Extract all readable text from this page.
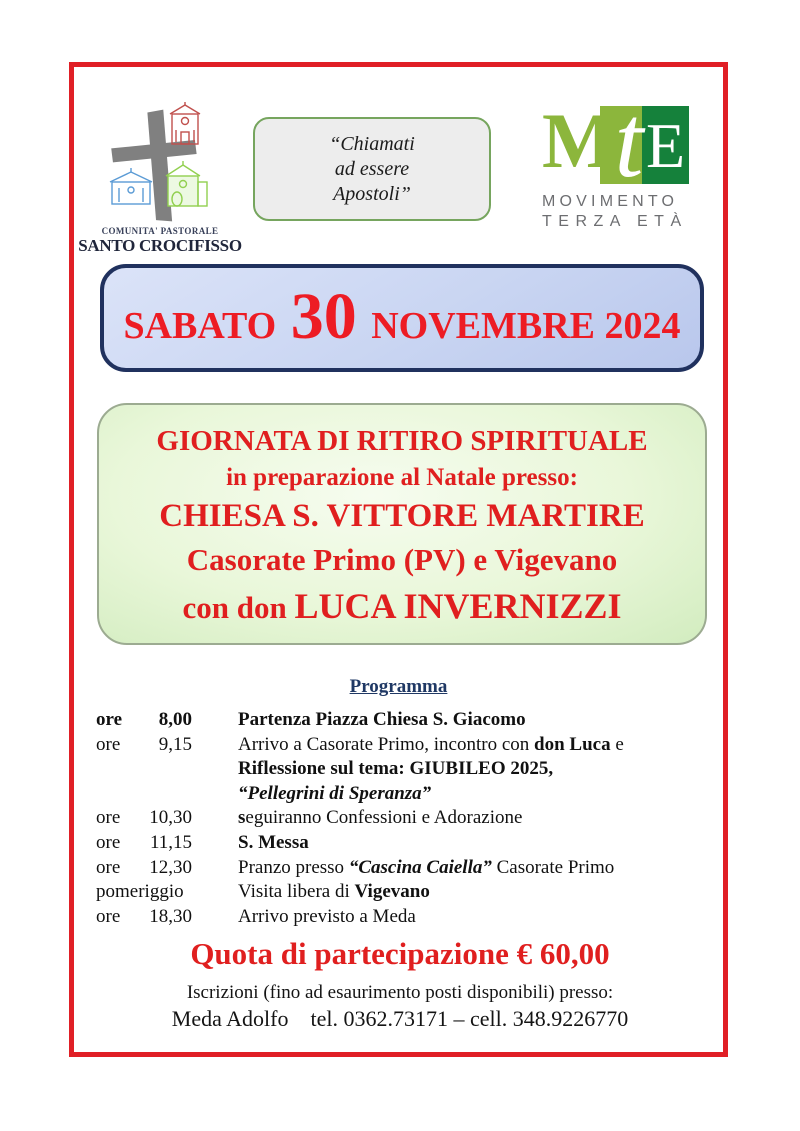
COMUNITA' PASTORALE
SANTO CROCIFISSO
“Chiamati
ad essere
Apostoli”
M
t E
MOVIMENTO
TERZA ETÀ
SABATO 30 NOVEMBRE 2024
GIORNATA DI RITIRO SPIRITUALE
in preparazione al Natale presso:
CHIESA S. VITTORE MARTIRE
Casorate Primo (PV) e Vigevano
con don LUCA INVERNIZZI
Programma
ore	8,00 Partenza Piazza Chiesa S. Giacomo
ore	9,15 Arrivo a Casorate Primo, incontro con don Luca e
Riflessione sul tema: GIUBILEO 2025,
“Pellegrini di Speranza”
ore	10,30 seguiranno Confessioni e Adorazione
ore	11,15 S. Messa
ore	12,30 Pranzo presso “Cascina Caiella” Casorate Primo
pomeriggio	Visita libera di Vigevano
ore	18,30 Arrivo previsto a Meda
Quota di partecipazione € 60,00
Iscrizioni (fino ad esaurimento posti disponibili) presso:
Meda Adolfo    tel. 0362.73171 – cell. 348.9226770
